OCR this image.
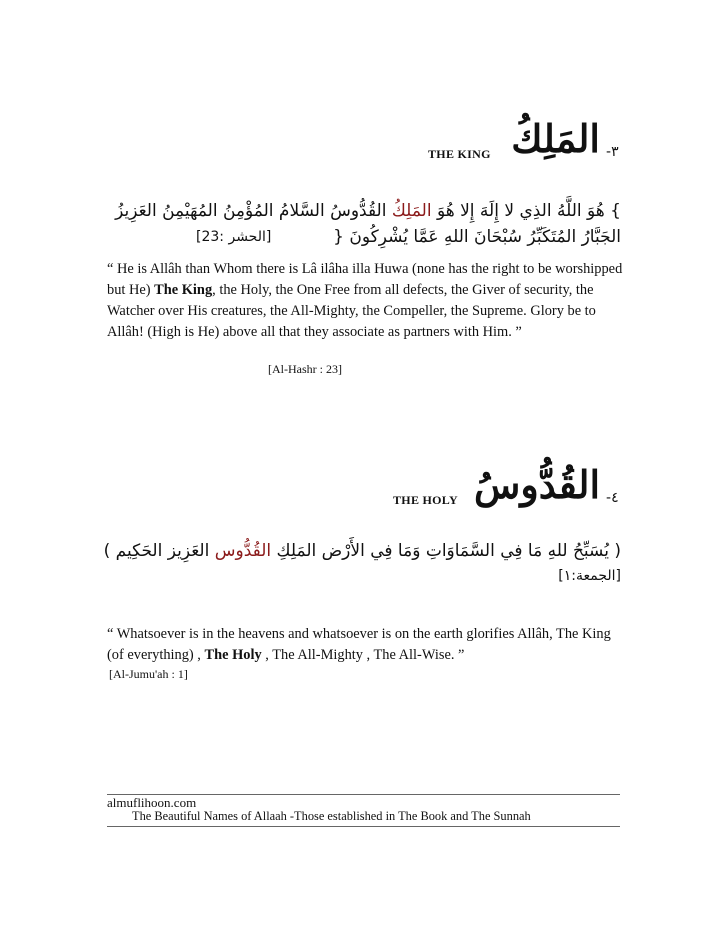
THE KING المَلِكُ -٣
} هُوَ اللَّهُ الذِي لا إِلَهَ إِلا هُوَ المَلِكُ القُدُّوسُ السَّلامُ المُؤْمِنُ المُهَيْمِنُ العَزِيزُ
الجَبَّارُ المُتَكَبِّرُ سُبْحَانَ اللهِ عَمَّا يُشْرِكُونَ {
[الحشر :23]
“ He is Allâh than Whom there is Lâ ilâha illa Huwa (none has the right to be worshipped but He) The King, the Holy, the One Free from all defects, the Giver of security, the Watcher over His creatures, the All-Mighty, the Compeller, the Supreme. Glory be to Allâh! (High is He) above all that they associate as partners with Him. ”
[Al-Hashr : 23]
THE HOLY القُدُّوسُ -٤
( يُسَبِّحُ للهِ مَا فِي السَّمَاوَاتِ وَمَا فِي الأَرْض المَلِكِ القُدُّوس العَزِيز الحَكِيم )
[الجمعة:١]
“ Whatsoever is in the heavens and whatsoever is on the earth glorifies Allâh, The King (of everything) , The Holy , The All-Mighty , The All-Wise. ”
[Al-Jumu'ah : 1]
almuflihoon.com
The Beautiful Names of Allaah -Those established in The Book and The Sunnah
